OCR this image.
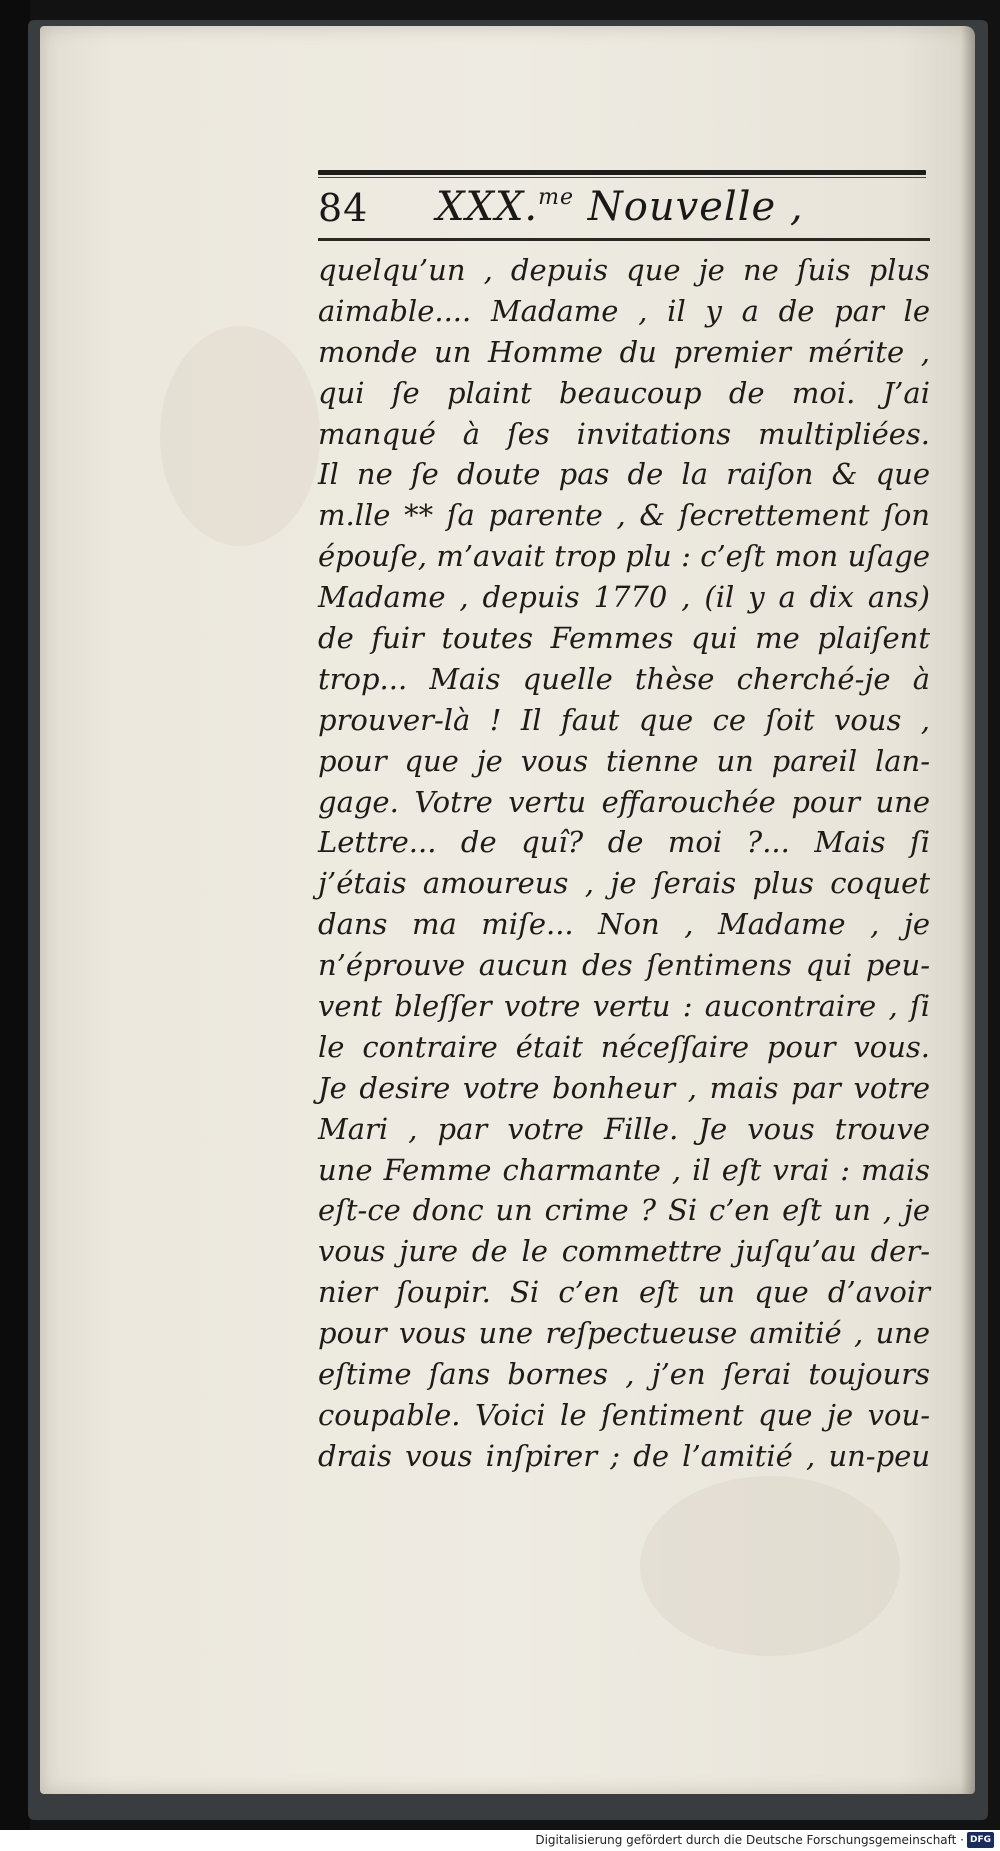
84 XXX.$^{me}$ Nouvelle ,
quelqu’un , depuis que je ne ſuis plus
aimable.... Madame , il y a de par le
monde un Homme du premier mérite ,
qui ſe plaint beaucoup de moi. J’ai
manqué à ſes invitations multipliées.
Il ne ſe doute pas de la raiſon & que
m.lle ** ſa parente , & ſecrettement ſon
épouſe, m’avait trop plu : c’eſt mon uſage
Madame , depuis 1770 , (il y a dix ans)
de fuir toutes Femmes qui me plaiſent
trop... Mais quelle thèse cherché-je à
prouver-là ! Il faut que ce ſoit vous ,
pour que je vous tienne un pareil lan-
gage. Votre vertu effarouchée pour une
Lettre... de quî? de moi ?... Mais ſi
j’étais amoureus , je ſerais plus coquet
dans ma miſe... Non , Madame , je
n’éprouve aucun des ſentimens qui peu-
vent bleſſer votre vertu : aucontraire , ſi
le contraire était néceſſaire pour vous.
Je desire votre bonheur , mais par votre
Mari , par votre Fille. Je vous trouve
une Femme charmante , il eſt vrai : mais
eſt-ce donc un crime ? Si c’en eſt un , je
vous jure de le commettre juſqu’au der-
nier ſoupir. Si c’en eſt un que d’avoir
pour vous une reſpectueuse amitié , une
eſtime ſans bornes , j’en ſerai toujours
coupable. Voici le ſentiment que je vou-
drais vous inſpirer ; de l’amitié , un-peu
Digitalisierung gefördert durch die Deutsche Forschungsgemeinschaft · DFG
